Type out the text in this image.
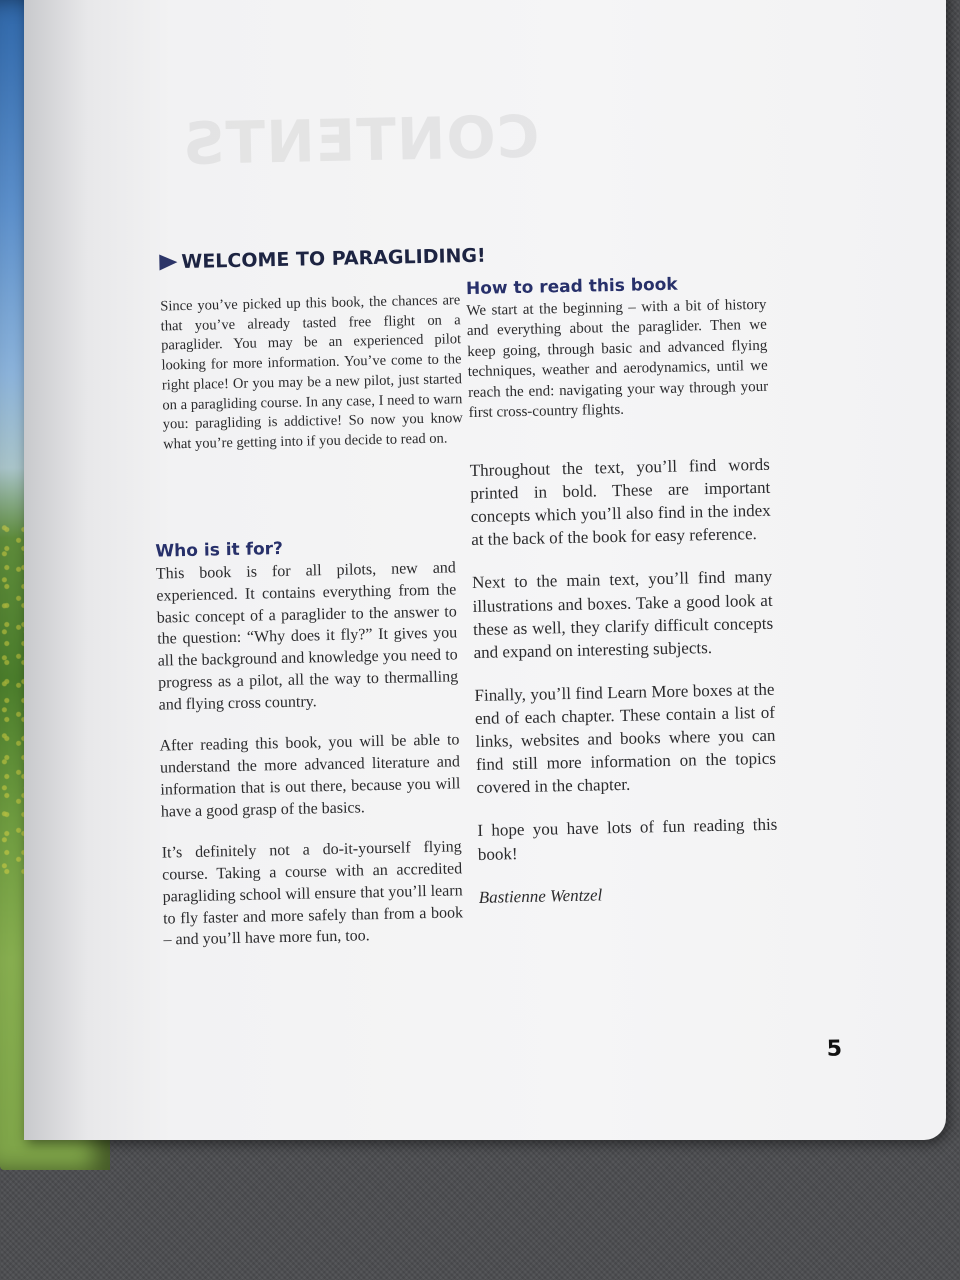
CONTENTS
WELCOME TO PARAGLIDING!

Since you’ve picked up this book, the chances are that you’ve already tasted free flight on a paraglider. You may be an experienced pilot looking for more information. You’ve come to the right place! Or you may be a new pilot, just started on a paragliding course. In any case, I need to warn you: paragliding is addictive! So now you know what you’re getting into if you decide to read on.

Who is it for?

This book is for all pilots, new and experienced. It contains everything from the basic concept of a paraglider to the answer to the question: “Why does it fly?” It gives you all the background and knowledge you need to progress as a pilot, all the way to thermalling and flying cross country.

After reading this book, you will be able to understand the more advanced literature and information that is out there, because you will have a good grasp of the basics.

It’s definitely not a do-it-yourself flying course. Taking a course with an accredited paragliding school will ensure that you’ll learn to fly faster and more safely than from a book – and you’ll have more fun, too.

How to read this book

We start at the beginning – with a bit of history and everything about the paraglider. Then we keep going, through basic and advanced flying techniques, weather and aerodynamics, until we reach the end: navigating your way through your first cross-country flights.

Throughout the text, you’ll find words printed in bold. These are important concepts which you’ll also find in the index at the back of the book for easy reference.

Next to the main text, you’ll find many illustrations and boxes. Take a good look at these as well, they clarify difficult concepts and expand on interesting subjects.

Finally, you’ll find Learn More boxes at the end of each chapter. These contain a list of links, websites and books where you can find still more information on the topics covered in the chapter.

I hope you have lots of fun reading this book!

Bastienne Wentzel

5
